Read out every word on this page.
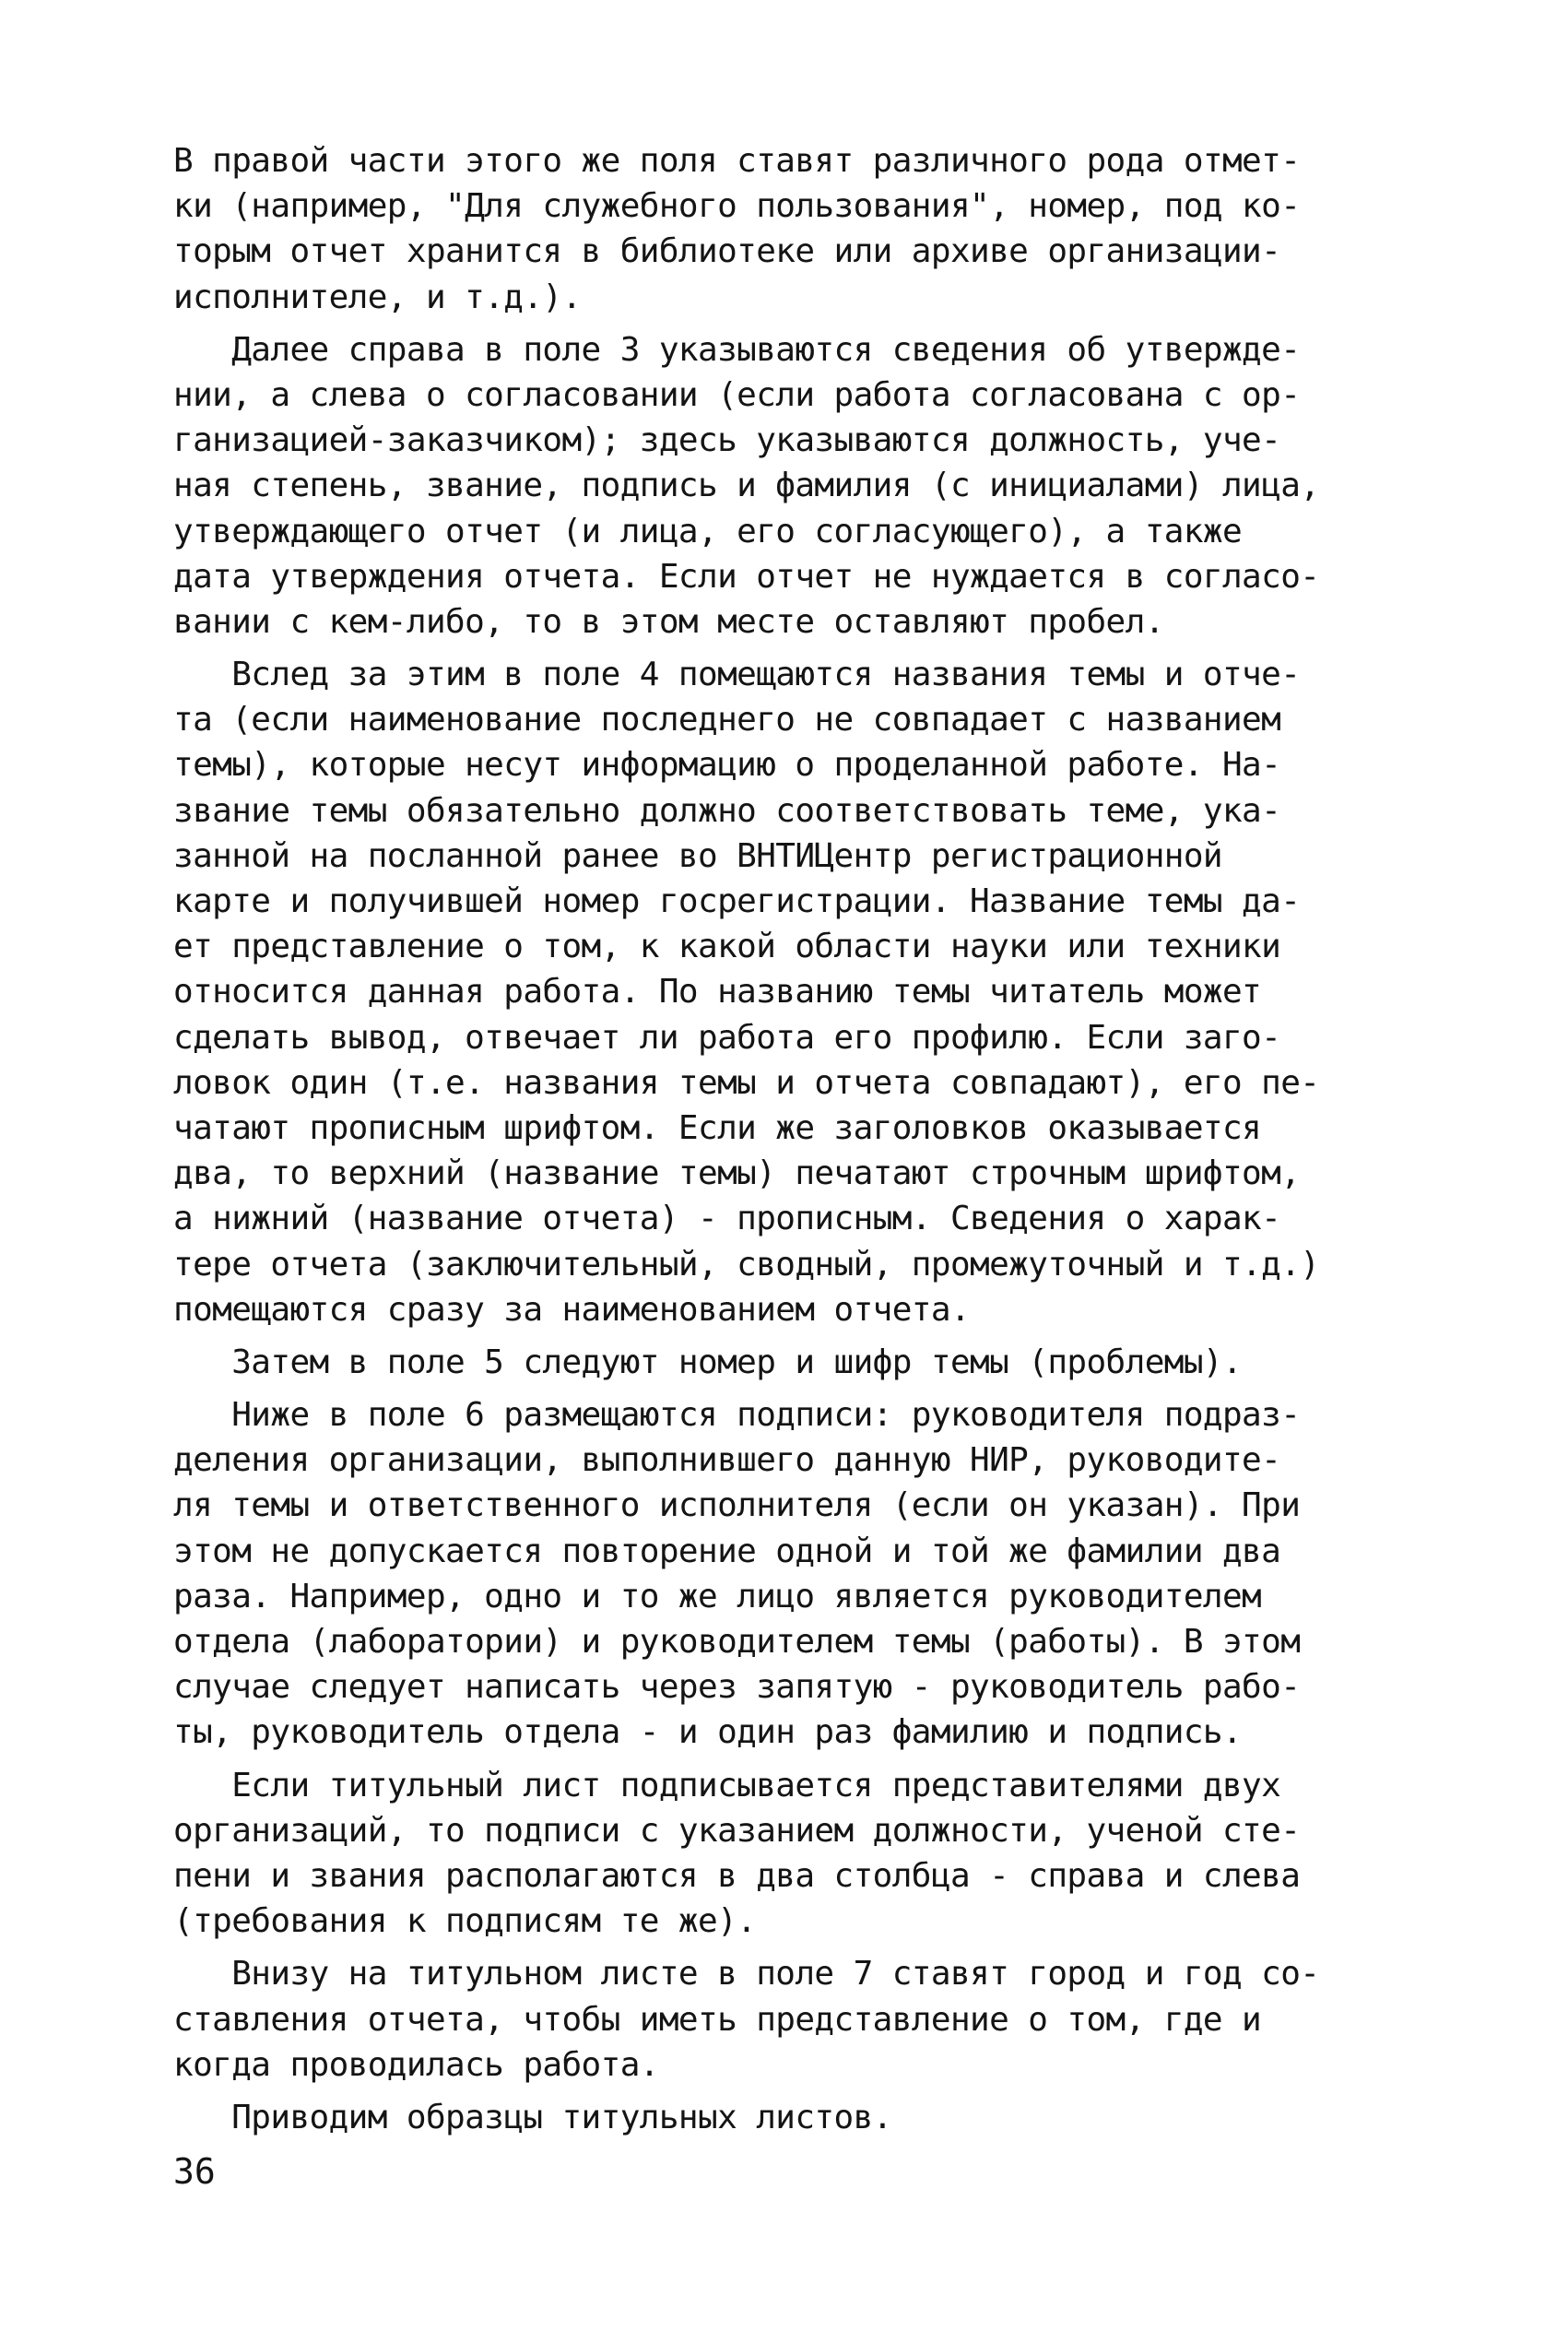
В правой части этого же поля ставят различного рода отмет-
ки (например, "Для служебного пользования", номер, под ко-
торым отчет хранится в библиотеке или архиве организации-
исполнителе, и т.д.).
Далее справа в поле 3 указываются сведения об утвержде-
нии, а слева о согласовании (если работа согласована с ор-
ганизацией-заказчиком); здесь указываются должность, уче-
ная степень, звание, подпись и фамилия (с инициалами) лица,
утверждающего отчет (и лица, его согласующего), а также
дата утверждения отчета. Если отчет не нуждается в согласо-
вании с кем-либо, то в этом месте оставляют пробел.
Вслед за этим в поле 4 помещаются названия темы и отче-
та (если наименование последнего не совпадает с названием
темы), которые несут информацию о проделанной работе. На-
звание темы обязательно должно соответствовать теме, ука-
занной на посланной ранее во ВНТИЦентр регистрационной
карте и получившей номер госрегистрации. Название темы да-
ет представление о том, к какой области науки или техники
относится данная работа. По названию темы читатель может
сделать вывод, отвечает ли работа его профилю. Если заго-
ловок один (т.е. названия темы и отчета совпадают), его пе-
чатают прописным шрифтом. Если же заголовков оказывается
два, то верхний (название темы) печатают строчным шрифтом,
а нижний (название отчета) - прописным. Сведения о харак-
тере отчета (заключительный, сводный, промежуточный и т.д.)
помещаются сразу за наименованием отчета.
Затем в поле 5 следуют номер и шифр темы (проблемы).
Ниже в поле 6 размещаются подписи: руководителя подраз-
деления организации, выполнившего данную НИР, руководите-
ля темы и ответственного исполнителя (если он указан). При
этом не допускается повторение одной и той же фамилии два
раза. Например, одно и то же лицо является руководителем
отдела (лаборатории) и руководителем темы (работы). В этом
случае следует написать через запятую - руководитель рабо-
ты, руководитель отдела - и один раз фамилию и подпись.
Если титульный лист подписывается представителями двух
организаций, то подписи с указанием должности, ученой сте-
пени и звания располагаются в два столбца - справа и слева
(требования к подписям те же).
Внизу на титульном листе в поле 7 ставят город и год со-
ставления отчета, чтобы иметь представление о том, где и
когда проводилась работа.
Приводим образцы титульных листов.
36
